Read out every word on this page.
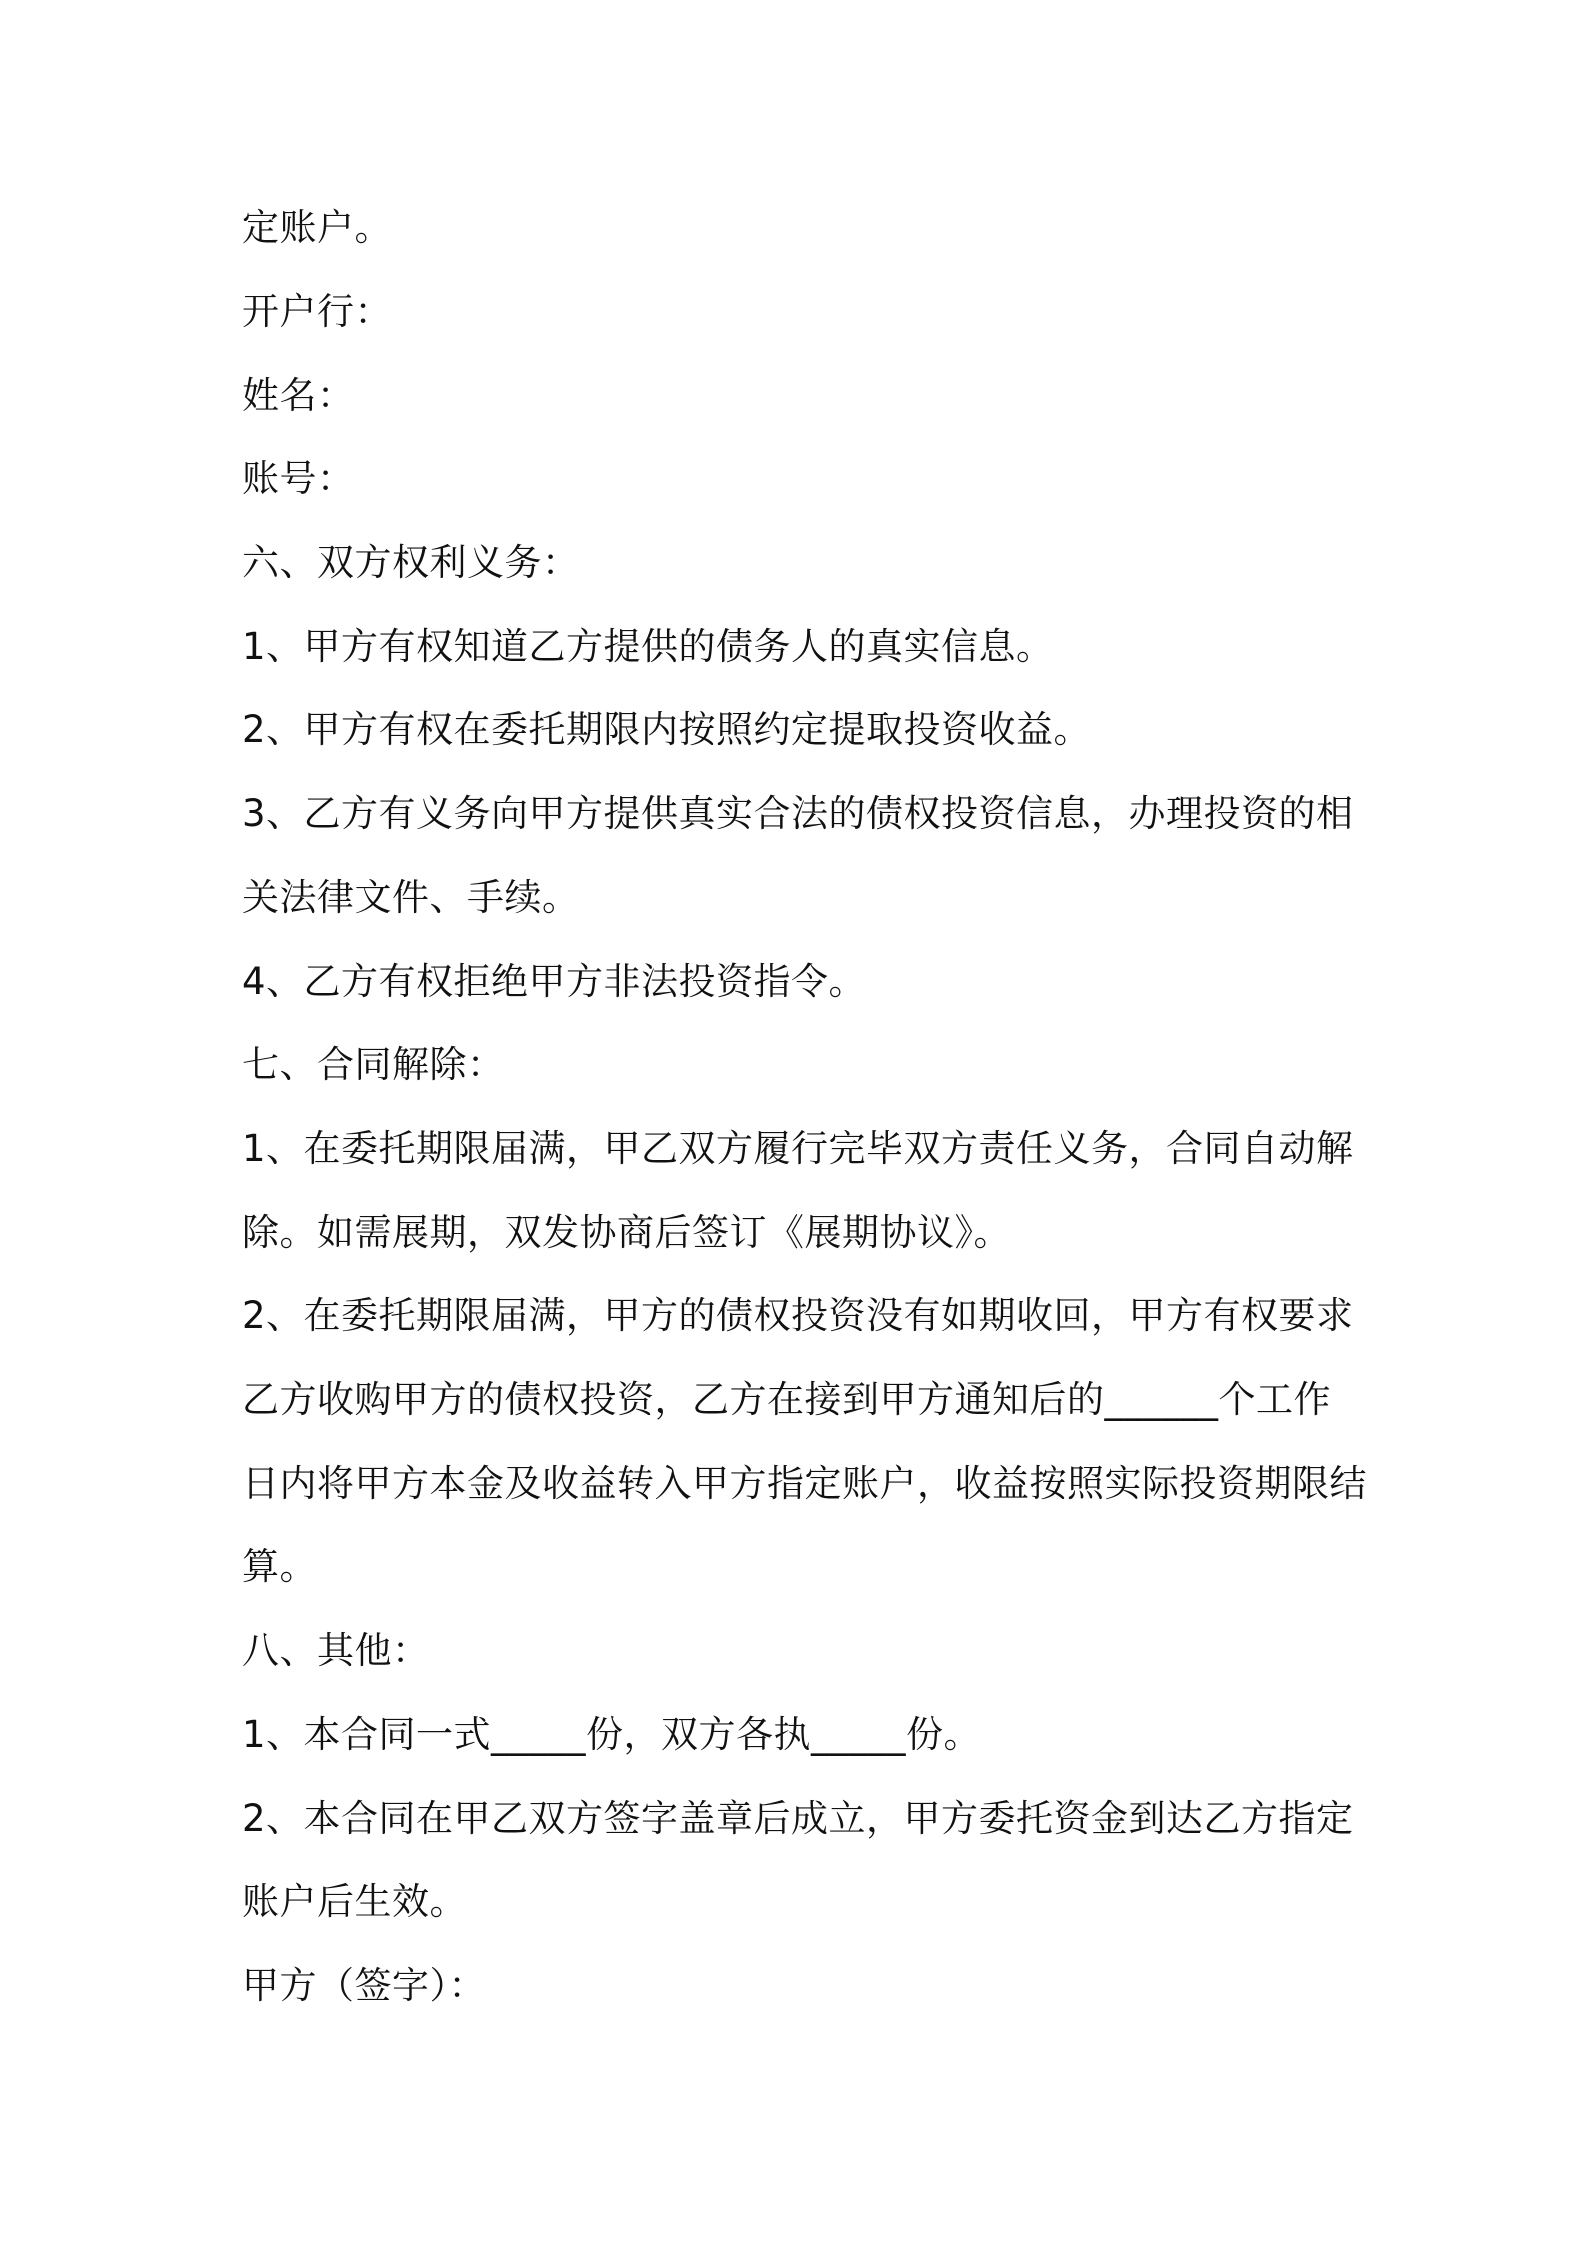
定账户。
开户行：
姓名：
账号：
六、双方权利义务：
1、甲方有权知道乙方提供的债务人的真实信息。
2、甲方有权在委托期限内按照约定提取投资收益。
3、乙方有义务向甲方提供真实合法的债权投资信息，办理投资的相
关法律文件、手续。
4、乙方有权拒绝甲方非法投资指令。
七、合同解除：
1、在委托期限届满，甲乙双方履行完毕双方责任义务，合同自动解
除。如需展期，双发协商后签订《展期协议》。
2、在委托期限届满，甲方的债权投资没有如期收回，甲方有权要求
乙方收购甲方的债权投资，乙方在接到甲方通知后的______个工作
日内将甲方本金及收益转入甲方指定账户，收益按照实际投资期限结
算。
八、其他：
1、本合同一式_____份，双方各执_____份。
2、本合同在甲乙双方签字盖章后成立，甲方委托资金到达乙方指定
账户后生效。
甲方（签字）：
